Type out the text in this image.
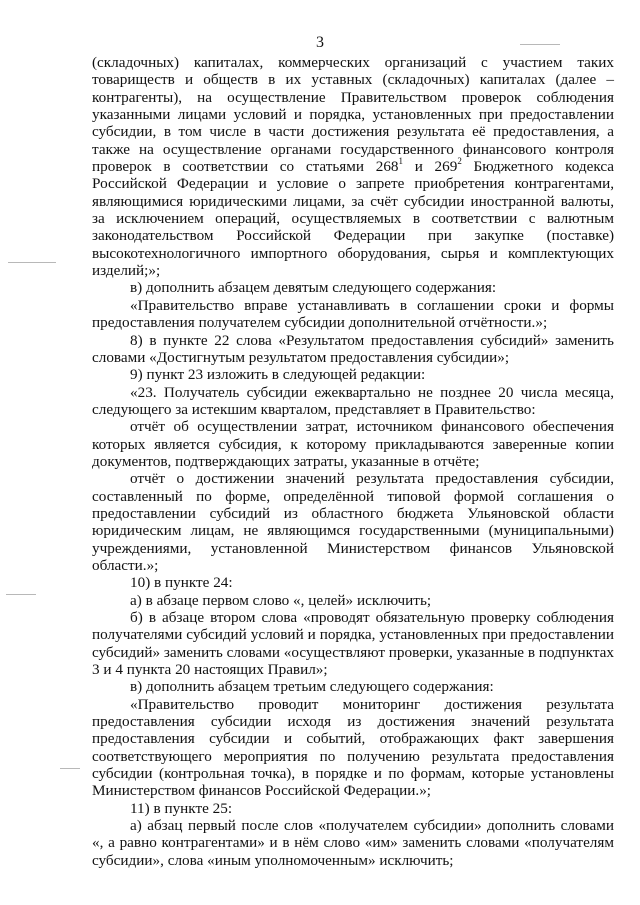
3

(складочных) капиталах, коммерческих организаций с участием таких товариществ и обществ в их уставных (складочных) капиталах (далее – контрагенты), на осуществление Правительством проверок соблюдения указанными лицами условий и порядка, установленных при предоставлении субсидии, в том числе в части достижения результата её предоставления, а также на осуществление органами государственного финансового контроля проверок в соответствии со статьями $268^1$ и $269^2$ Бюджетного кодекса Российской Федерации и условие о запрете приобретения контрагентами, являющимися юридическими лицами, за счёт субсидии иностранной валюты, за исключением операций, осуществляемых в соответствии с валютным законодательством Российской Федерации при закупке (поставке) высокотехнологичного импортного оборудования, сырья и комплектующих изделий;»;

в) дополнить абзацем девятым следующего содержания:

«Правительство вправе устанавливать в соглашении сроки и формы предоставления получателем субсидии дополнительной отчётности.»;

8) в пункте 22 слова «Результатом предоставления субсидий» заменить словами «Достигнутым результатом предоставления субсидии»;

9) пункт 23 изложить в следующей редакции:

«23. Получатель субсидии ежеквартально не позднее 20 числа месяца, следующего за истекшим кварталом, представляет в Правительство:

отчёт об осуществлении затрат, источником финансового обеспечения которых является субсидия, к которому прикладываются заверенные копии документов, подтверждающих затраты, указанные в отчёте;

отчёт о достижении значений результата предоставления субсидии, составленный по форме, определённой типовой формой соглашения о предоставлении субсидий из областного бюджета Ульяновской области юридическим лицам, не являющимся государственными (муниципальными) учреждениями, установленной Министерством финансов Ульяновской области.»;

10) в пункте 24:

а) в абзаце первом слово «, целей» исключить;

б) в абзаце втором слова «проводят обязательную проверку соблюдения получателями субсидий условий и порядка, установленных при предоставлении субсидий» заменить словами «осуществляют проверки, указанные в подпунктах 3 и 4 пункта 20 настоящих Правил»;

в) дополнить абзацем третьим следующего содержания:

«Правительство проводит мониторинг достижения результата предоставления субсидии исходя из достижения значений результата предоставления субсидии и событий, отображающих факт завершения соответствующего мероприятия по получению результата предоставления субсидии (контрольная точка), в порядке и по формам, которые установлены Министерством финансов Российской Федерации.»;

11) в пункте 25:

а) абзац первый после слов «получателем субсидии» дополнить словами «, а равно контрагентами» и в нём слово «им» заменить словами «получателям субсидии», слова «иным уполномоченным» исключить;
